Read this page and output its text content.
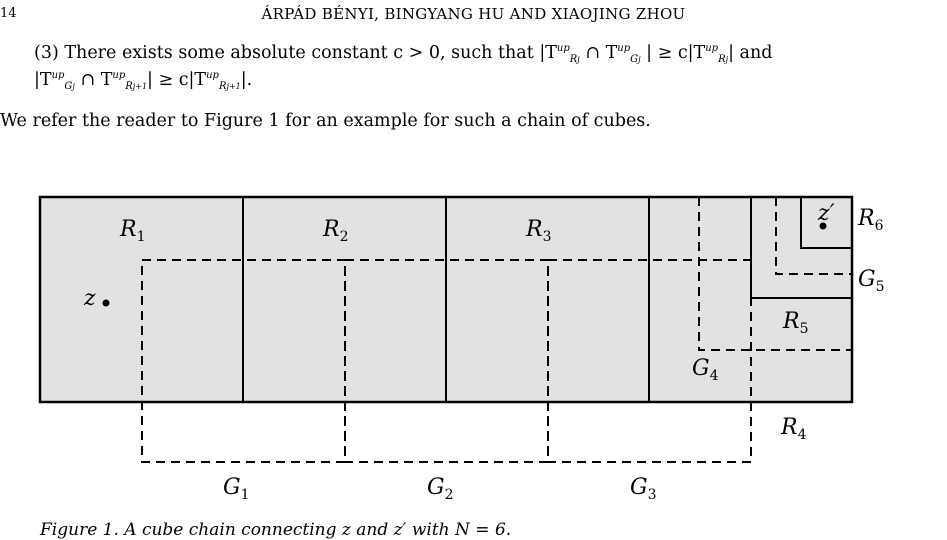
14	ÁRPÁD BÉNYI, BINGYANG HU AND XIAOJING ZHOU
(3) There exists some absolute constant c > 0, such that $|T^{up}_{Rj}$ ∩ $T^{up}_{Gj}$ | ≥ $c|T^{up}_{Rj}|$ and
$|T^{up}_{Gj}$ ∩ $T^{up}_{Rj+1}| \ge c|T^{up}_{Rj+1}|$.
We refer the reader to Figure 1 for an example for such a chain of cubes.
$R_1$	$R_2$	$R_3$
$R_4$
$R_5$
$R_6$
$G_1$	$G_2$	$G_3$
$G_4$
$G_5$
z
z′
Figure 1. A cube chain connecting z and z′ with N = 6.
